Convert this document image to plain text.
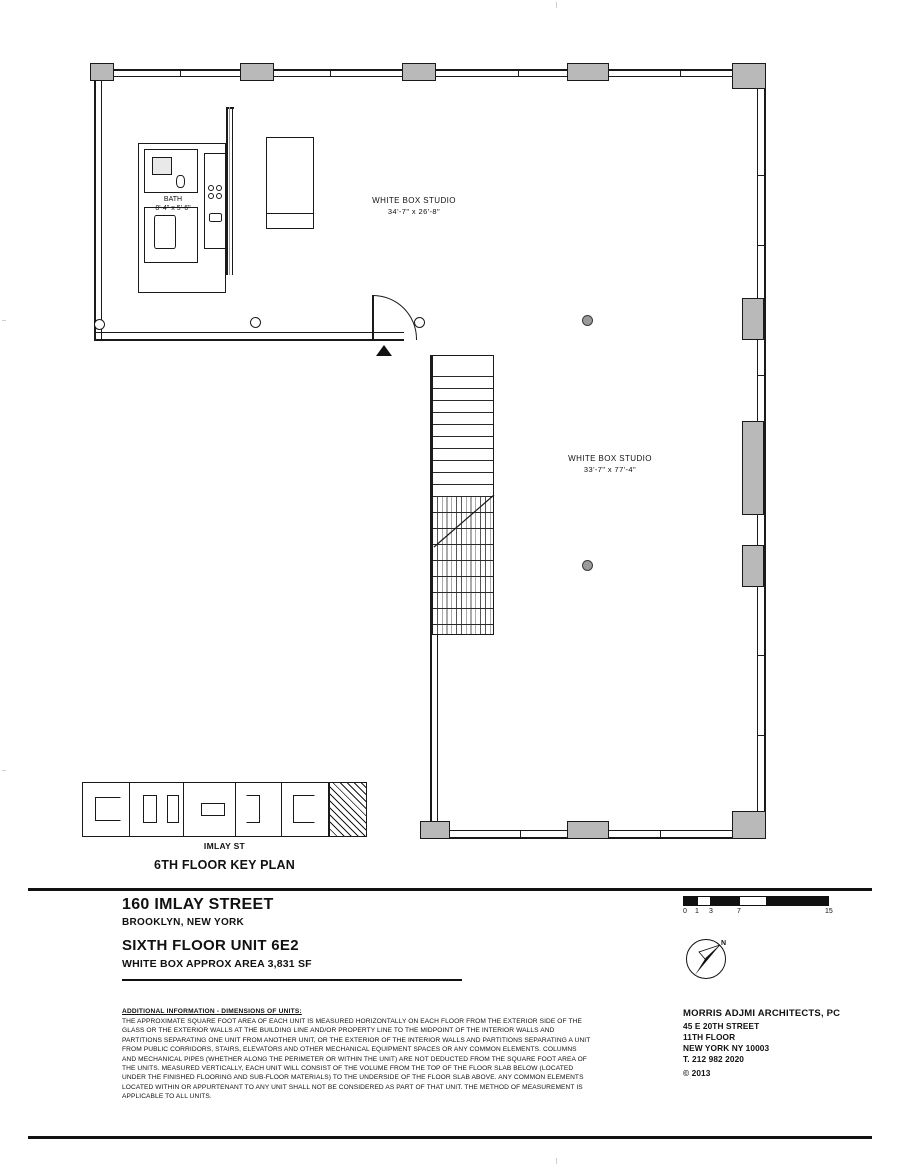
BATH
8'-4" x 5'-6"
WHITE BOX STUDIO
34'-7" x 26'-8"
WHITE BOX STUDIO
33'-7" x 77'-4"
IMLAY ST
6TH FLOOR KEY PLAN
160 IMLAY STREET
BROOKLYN, NEW YORK
SIXTH FLOOR UNIT 6E2
WHITE BOX APPROX AREA 3,831 SF
0 1 3	7	15
N
ADDITIONAL INFORMATION - DIMENSIONS OF UNITS:
THE APPROXIMATE SQUARE FOOT AREA OF EACH UNIT IS MEASURED HORIZONTALLY ON EACH FLOOR FROM THE EXTERIOR SIDE OF THE GLASS OR THE EXTERIOR WALLS AT THE BUILDING LINE AND/OR PROPERTY LINE TO THE MIDPOINT OF THE INTERIOR WALLS AND PARTITIONS SEPARATING ONE UNIT FROM ANOTHER UNIT, OR THE EXTERIOR OF THE INTERIOR WALLS AND PARTITIONS SEPARATING A UNIT FROM PUBLIC CORRIDORS, STAIRS, ELEVATORS AND OTHER MECHANICAL EQUIPMENT SPACES OR ANY COMMON ELEMENTS. COLUMNS AND MECHANICAL PIPES (WHETHER ALONG THE PERIMETER OR WITHIN THE UNIT) ARE NOT DEDUCTED FROM THE SQUARE FOOT AREA OF THE UNITS. MEASURED VERTICALLY, EACH UNIT WILL CONSIST OF THE VOLUME FROM THE TOP OF THE FLOOR SLAB BELOW (LOCATED UNDER THE FINISHED FLOORING AND SUB-FLOOR MATERIALS) TO THE UNDERSIDE OF THE FLOOR SLAB ABOVE. ANY COMMON ELEMENTS LOCATED WITHIN OR APPURTENANT TO ANY UNIT SHALL NOT BE CONSIDERED AS PART OF THAT UNIT. THE METHOD OF MEASUREMENT IS APPLICABLE TO ALL UNITS.
MORRIS ADJMI ARCHITECTS, PC
45 E 20TH STREET
11TH FLOOR
NEW YORK NY 10003
T. 212 982 2020
© 2013
